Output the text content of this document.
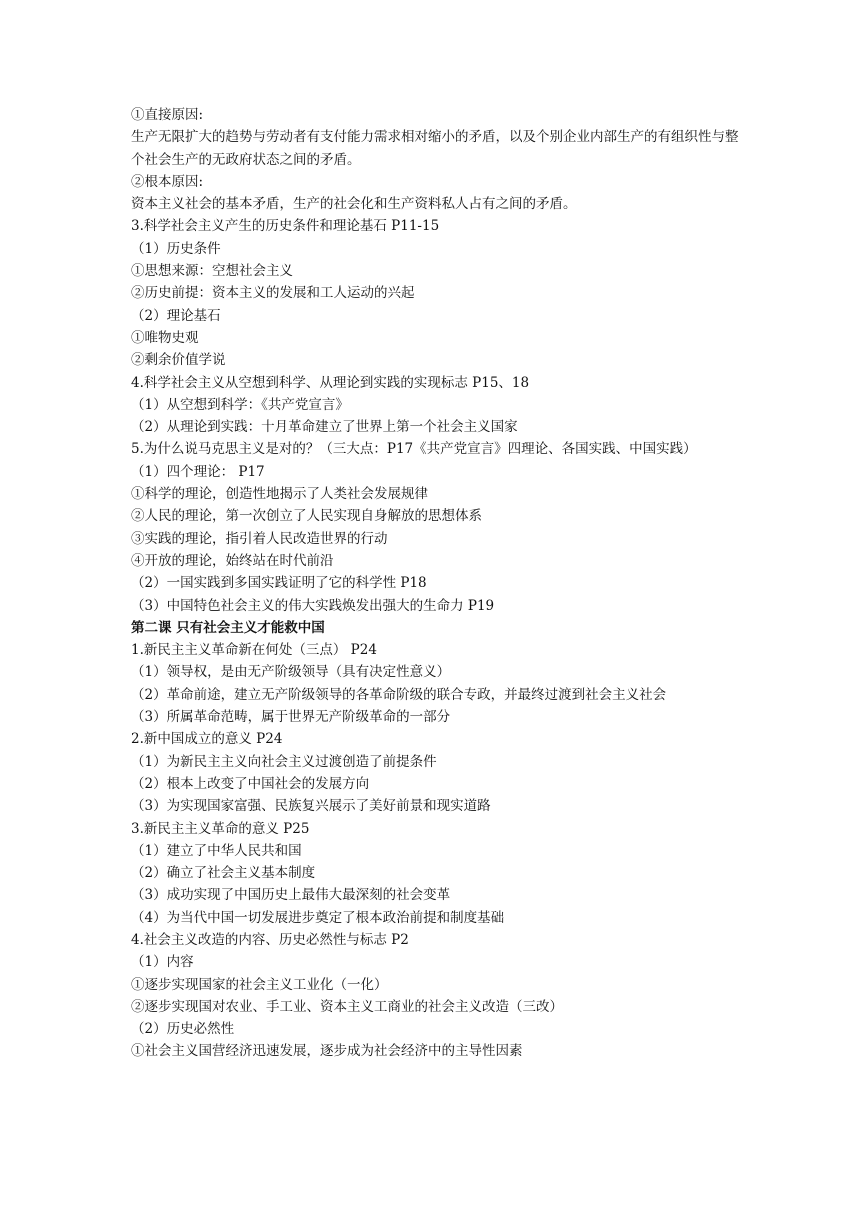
①直接原因:
生产无限扩大的趋势与劳动者有支付能力需求相对缩小的矛盾，以及个别企业内部生产的有组织性与整个社会生产的无政府状态之间的矛盾。
②根本原因:
资本主义社会的基本矛盾，生产的社会化和生产资料私人占有之间的矛盾。
3.科学社会主义产生的历史条件和理论基石 P11-15
（1）历史条件
①思想来源：空想社会主义
②历史前提：资本主义的发展和工人运动的兴起
（2）理论基石
①唯物史观
②剩余价值学说
4.科学社会主义从空想到科学、从理论到实践的实现标志 P15、18
（1）从空想到科学：《共产党宣言》
（2）从理论到实践：十月革命建立了世界上第一个社会主义国家
5.为什么说马克思主义是对的？（三大点：P17《共产党宣言》四理论、各国实践、中国实践）
（1）四个理论： P17
①科学的理论，创造性地揭示了人类社会发展规律
②人民的理论，第一次创立了人民实现自身解放的思想体系
③实践的理论，指引着人民改造世界的行动
④开放的理论，始终站在时代前沿
（2）一国实践到多国实践证明了它的科学性 P18
（3）中国特色社会主义的伟大实践焕发出强大的生命力 P19
第二课 只有社会主义才能救中国
1.新民主主义革命新在何处（三点） P24
（1）领导权，是由无产阶级领导（具有决定性意义）
（2）革命前途，建立无产阶级领导的各革命阶级的联合专政，并最终过渡到社会主义社会
（3）所属革命范畴，属于世界无产阶级革命的一部分
2.新中国成立的意义 P24
（1）为新民主主义向社会主义过渡创造了前提条件
（2）根本上改变了中国社会的发展方向
（3）为实现国家富强、民族复兴展示了美好前景和现实道路
3.新民主主义革命的意义 P25
（1）建立了中华人民共和国
（2）确立了社会主义基本制度
（3）成功实现了中国历史上最伟大最深刻的社会变革
（4）为当代中国一切发展进步奠定了根本政治前提和制度基础
4.社会主义改造的内容、历史必然性与标志 P2
（1）内容
①逐步实现国家的社会主义工业化（一化）
②逐步实现国对农业、手工业、资本主义工商业的社会主义改造（三改）
（2）历史必然性
①社会主义国营经济迅速发展，逐步成为社会经济中的主导性因素
